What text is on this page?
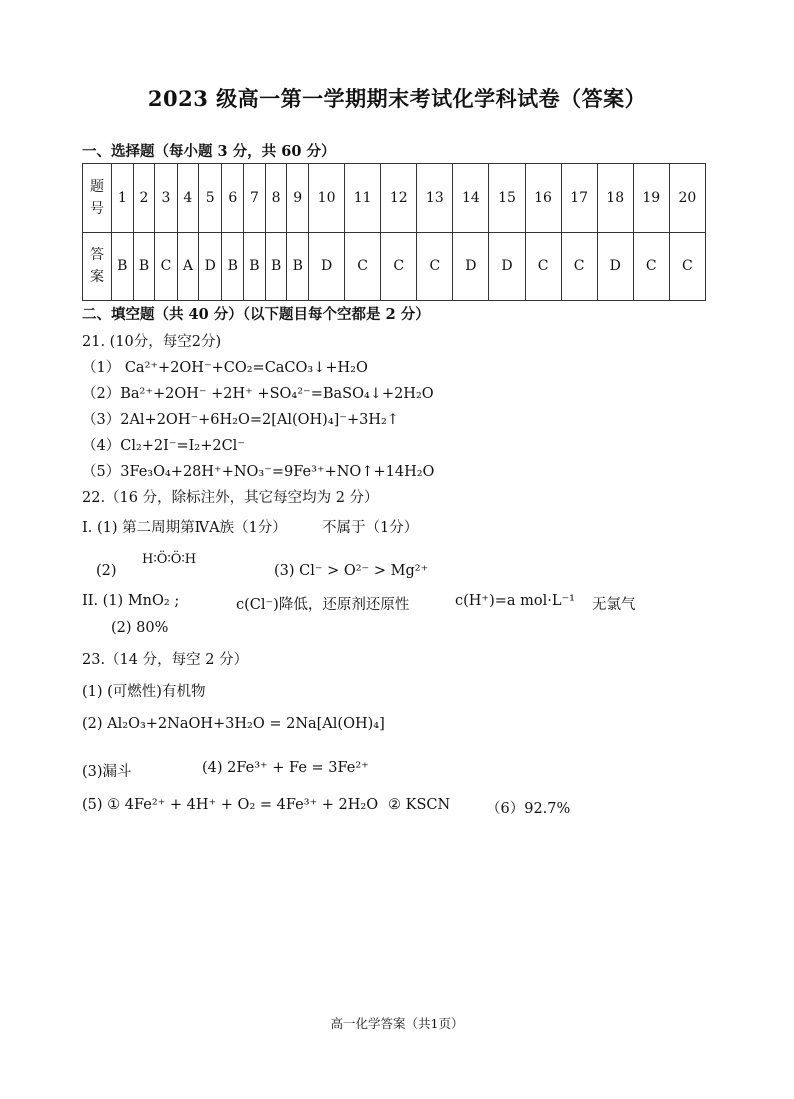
2023 级高一第一学期期末考试化学科试卷（答案）
一、选择题（每小题 3 分，共 60 分）
题
号	1	2	3	4	5	6	7	8	9	10	11	12	13	14	15	16	17	18	19	20
答
案	B	B	C	A	D	B	B	B	B	D	C	C	C	D	D	C	C	D	C	C
二、填空题（共 40 分）（以下题目每个空都是 2 分）
21. (10分，每空2分)
（1） Ca²⁺+2OH⁻+CO₂=CaCO₃↓+H₂O
（2）Ba²⁺+2OH⁻ +2H⁺ +SO₄²⁻=BaSO₄↓+2H₂O
（3）2Al+2OH⁻+6H₂O=2[Al(OH)₄]⁻+3H₂↑
（4）Cl₂+2I⁻=I₂+2Cl⁻
（5）3Fe₃O₄+28H⁺+NO₃⁻=9Fe³⁺+NO↑+14H₂O
22.（16 分，除标注外，其它每空均为 2 分）
I. (1) 第二周期第ⅣA族（1分） 不属于（1分）
(2)
H∶Ö∶Ö∶H
(3) Cl⁻ > O²⁻ > Mg²⁺
II. (1) MnO₂ ;	c(Cl⁻)降低，还原剂还原性	c(H⁺)=a mol·L⁻¹ 无氯气
(2) 80%
23.（14 分，每空 2 分）
(1) (可燃性)有机物
(2) Al₂O₃+2NaOH+3H₂O = 2Na[Al(OH)₄]
(3)漏斗	(4) 2Fe³⁺ + Fe = 3Fe²⁺
(5) ① 4Fe²⁺ + 4H⁺ + O₂ = 4Fe³⁺ + 2H₂O ② KSCN （6）92.7%
高一化学答案（共1页）
